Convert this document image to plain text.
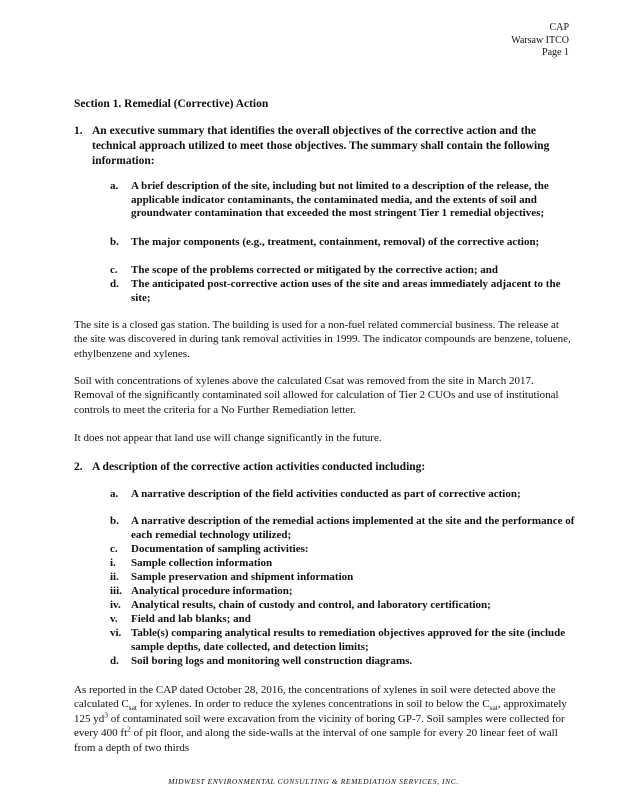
CAP
Warsaw ITCO
Page 1
Section 1. Remedial (Corrective) Action
1. An executive summary that identifies the overall objectives of the corrective action and the technical approach utilized to meet those objectives. The summary shall contain the following information:
a. A brief description of the site, including but not limited to a description of the release, the applicable indicator contaminants, the contaminated media, and the extents of soil and groundwater contamination that exceeded the most stringent Tier 1 remedial objectives;
b. The major components (e.g., treatment, containment, removal) of the corrective action;
c. The scope of the problems corrected or mitigated by the corrective action; and
d. The anticipated post-corrective action uses of the site and areas immediately adjacent to the site;
The site is a closed gas station. The building is used for a non-fuel related commercial business. The release at the site was discovered in during tank removal activities in 1999. The indicator compounds are benzene, toluene, ethylbenzene and xylenes.
Soil with concentrations of xylenes above the calculated Csat was removed from the site in March 2017. Removal of the significantly contaminated soil allowed for calculation of Tier 2 CUOs and use of institutional controls to meet the criteria for a No Further Remediation letter.
It does not appear that land use will change significantly in the future.
2. A description of the corrective action activities conducted including:
a. A narrative description of the field activities conducted as part of corrective action;
b. A narrative description of the remedial actions implemented at the site and the performance of each remedial technology utilized;
c. Documentation of sampling activities:
i. Sample collection information
ii. Sample preservation and shipment information
iii. Analytical procedure information;
iv. Analytical results, chain of custody and control, and laboratory certification;
v. Field and lab blanks; and
vi. Table(s) comparing analytical results to remediation objectives approved for the site (include sample depths, date collected, and detection limits;
d. Soil boring logs and monitoring well construction diagrams.
As reported in the CAP dated October 28, 2016, the concentrations of xylenes in soil were detected above the calculated $C_{sat}$ for xylenes. In order to reduce the xylenes concentrations in soil to below the $C_{sat}$, approximately 125 $yd^3$ of contaminated soil were excavation from the vicinity of boring GP-7. Soil samples were collected for every 400 $ft^2$ of pit floor, and along the side-walls at the interval of one sample for every 20 linear feet of wall from a depth of two thirds
MIDWEST ENVIRONMENTAL CONSULTING & REMEDIATION SERVICES, INC.
